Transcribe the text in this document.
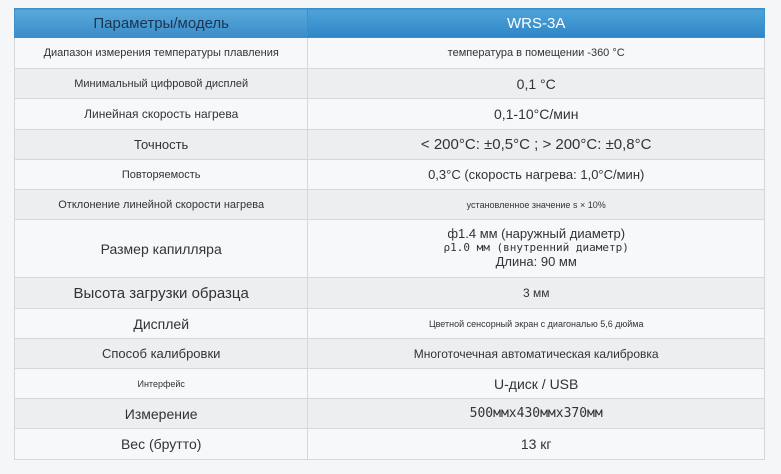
Параметры/модель	WRS-3A
Диапазон измерения температуры плавления	температура в помещении -360 °C
Минимальный цифровой дисплей	0,1 °C
Линейная скорость нагрева	0,1-10°C/мин
Точность	< 200°C: ±0,5°C ; > 200°C: ±0,8°C
Повторяемость	0,3°C (скорость нагрева: 1,0°C/мин)
Отклонение линейной скорости нагрева	установленное значение s × 10%
Размер капилляра	ф1.4 мм (наружный диаметр)
ρ1.0 мм (внутренний диаметр)
Длина: 90 мм

Высота загрузки образца	3 мм
Дисплей	Цветной сенсорный экран с диагональю 5,6 дюйма
Способ калибровки	Многоточечная автоматическая калибровка
Интерфейс	U-диск / USB
Измерение	500ммх430ммх370мм
Вес (брутто)	13 кг
